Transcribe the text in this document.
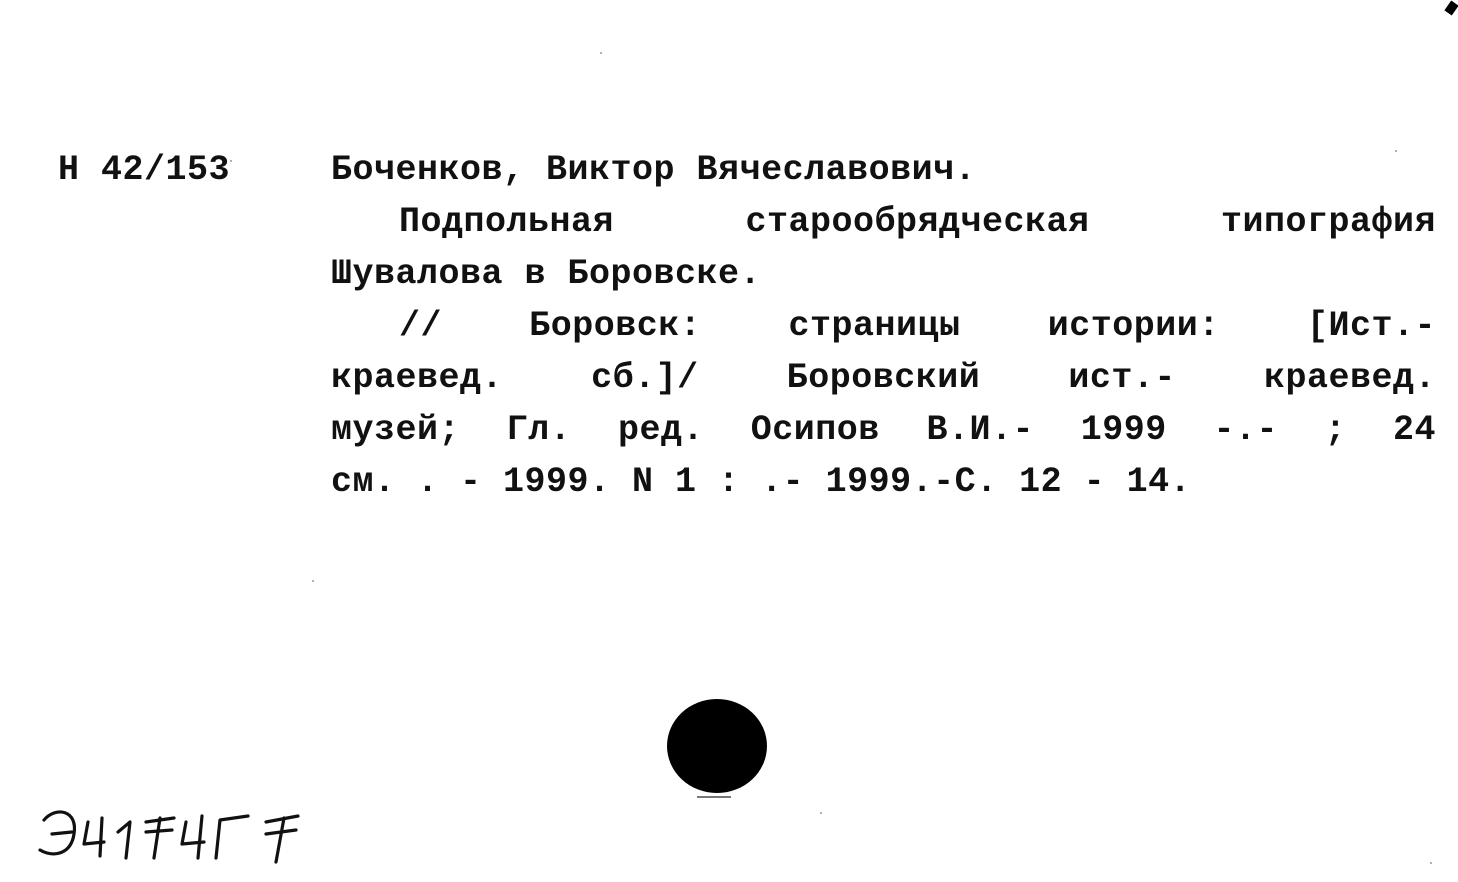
Н 42/153	Боченков, Виктор Вячеславович.
Подпольная старообрядческая типография
Шувалова в Боровске.
// Боровск: страницы истории: [Ист.-
краевед. сб.]/ Боровский ист.- краевед.
музей; Гл. ред. Осипов В.И.- 1999 -.- ; 24
см. . - 1999. N 1 : .- 1999.-С. 12 - 14.
